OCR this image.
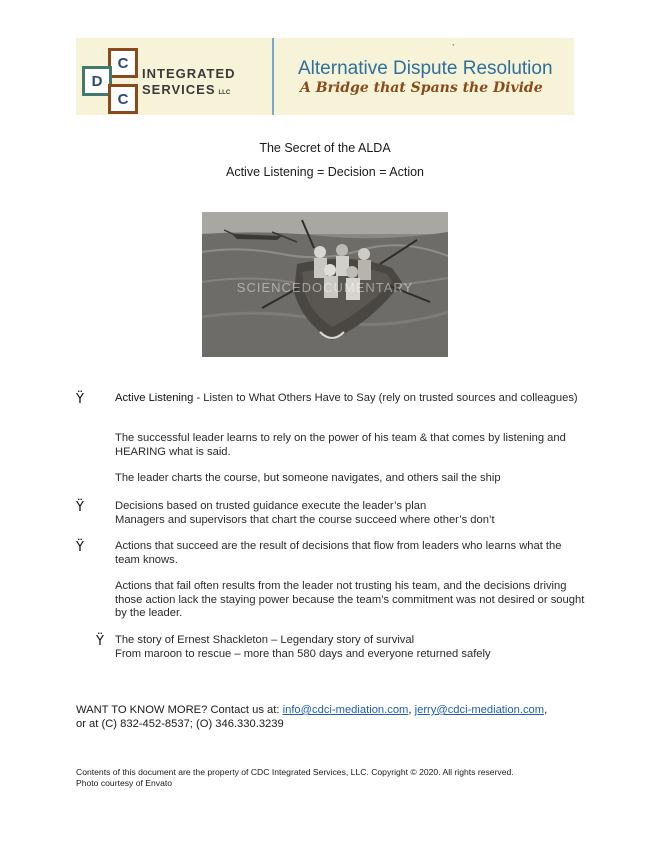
C
D
C
INTEGRATED
SERVICES LLC
,
Alternative Dispute Resolution
A Bridge that Spans the Divide
The Secret of the ALDA
Active Listening = Decision = Action
SCIENCEDOCUMENTARY
Ÿ	Active Listening - Listen to What Others Have to Say (rely on trusted sources and colleagues)
The successful leader learns to rely on the power of his team & that comes by listening and HEARING what is said.
The leader charts the course, but someone navigates, and others sail the ship
Ÿ	Decisions based on trusted guidance execute the leader’s plan
Managers and supervisors that chart the course succeed where other’s don’t
Ÿ	Actions that succeed are the result of decisions that flow from leaders who learns what the team knows.
Actions that fail often results from the leader not trusting his team, and the decisions driving those action lack the staying power because the team’s commitment was not desired or sought by the leader.
Ÿ The story of Ernest Shackleton – Legendary story of survival
From maroon to rescue – more than 580 days and everyone returned safely
WANT TO KNOW MORE? Contact us at: info@cdci-mediation.com, jerry@cdci-mediation.com,
or at (C) 832-452-8537; (O) 346.330.3239
Contents of this document are the property of CDC Integrated Services, LLC. Copyright © 2020. All rights reserved.
Photo courtesy of Envato
